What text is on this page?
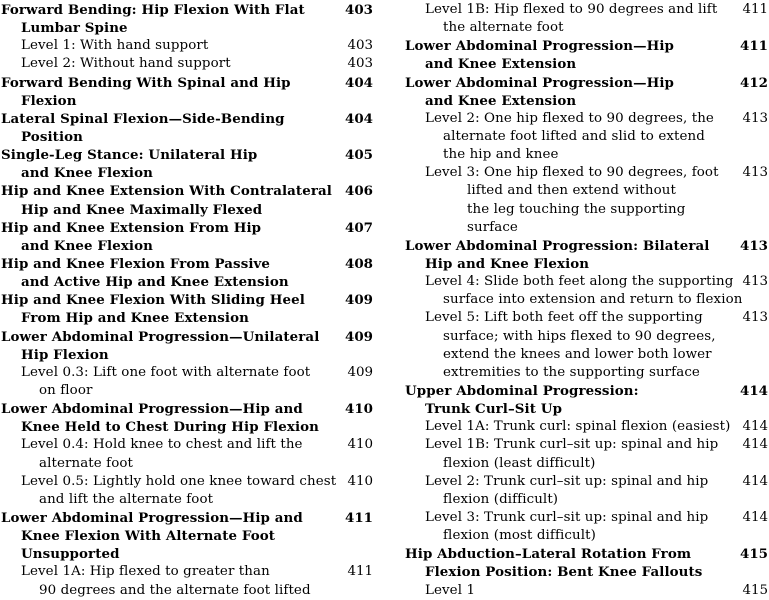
Forward Bending: Hip Flexion With Flat	403
Lumbar Spine
Level 1: With hand support	403
Level 2: Without hand support	403
Forward Bending With Spinal and Hip	404
Flexion
Lateral Spinal Flexion—Side-Bending	404
Position
Single-Leg Stance: Unilateral Hip	405
and Knee Flexion
Hip and Knee Extension With Contralateral 406
Hip and Knee Maximally Flexed
Hip and Knee Extension From Hip	407
and Knee Flexion
Hip and Knee Flexion From Passive	408
and Active Hip and Knee Extension
Hip and Knee Flexion With Sliding Heel	409
From Hip and Knee Extension
Lower Abdominal Progression—Unilateral	409
Hip Flexion
Level 0.3: Lift one foot with alternate foot	409
on floor
Lower Abdominal Progression—Hip and	410
Knee Held to Chest During Hip Flexion
Level 0.4: Hold knee to chest and lift the	410
alternate foot
Level 0.5: Lightly hold one knee toward chest 410
and lift the alternate foot
Lower Abdominal Progression—Hip and	411
Knee Flexion With Alternate Foot
Unsupported
Level 1A: Hip flexed to greater than	411
90 degrees and the alternate foot lifted
Level 1B: Hip flexed to 90 degrees and lift	411
the alternate foot
Lower Abdominal Progression—Hip	411
and Knee Extension
Lower Abdominal Progression—Hip	412
and Knee Extension
Level 2: One hip flexed to 90 degrees, the	413
alternate foot lifted and slid to extend
the hip and knee
Level 3: One hip flexed to 90 degrees, foot	413
lifted and then extend without
the leg touching the supporting
surface
Lower Abdominal Progression: Bilateral	413
Hip and Knee Flexion
Level 4: Slide both feet along the supporting 413
surface into extension and return to flexion
Level 5: Lift both feet off the supporting	413
surface; with hips flexed to 90 degrees,
extend the knees and lower both lower
extremities to the supporting surface
Upper Abdominal Progression:	414
Trunk Curl–Sit Up
Level 1A: Trunk curl: spinal flexion (easiest) 414
Level 1B: Trunk curl–sit up: spinal and hip	414
flexion (least difficult)
Level 2: Trunk curl–sit up: spinal and hip	414
flexion (difficult)
Level 3: Trunk curl–sit up: spinal and hip	414
flexion (most difficult)
Hip Abduction–Lateral Rotation From	415
Flexion Position: Bent Knee Fallouts
Level 1	415
